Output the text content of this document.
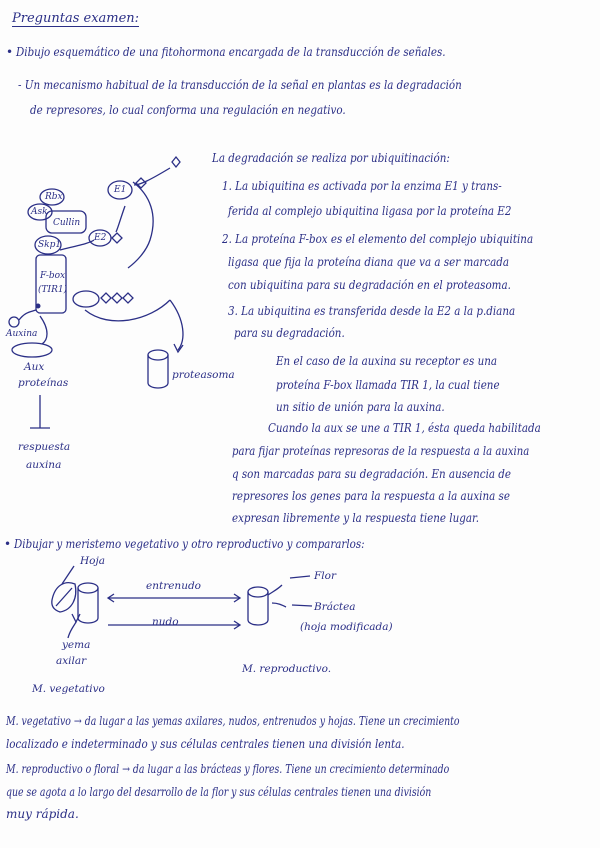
Preguntas examen:
• Dibujo esquemático de una fitohormona encargada de la transducción de señales.
- Un mecanismo habitual de la transducción de la señal en plantas es la degradación
de represores, lo cual conforma una regulación en negativo.
Rbx
Ask
Cullin
Skp1
F-box
(TIR1)
E1
E2
Auxina
Aux
proteínas
respuesta
auxina
proteasoma
La degradación se realiza por ubiquitinación:
1. La ubiquitina es activada por la enzima E1 y trans-
ferida al complejo ubiquitina ligasa por la proteína E2
2. La proteína F-box es el elemento del complejo ubiquitina
ligasa que fija la proteína diana que va a ser marcada
con ubiquitina para su degradación en el proteasoma.
3. La ubiquitina es transferida desde la E2 a la p.diana
para su degradación.
En el caso de la auxina su receptor es una
proteína F-box llamada TIR 1, la cual tiene
un sitio de unión para la auxina.
Cuando la aux se une a TIR 1, ésta queda habilitada
para fijar proteínas represoras de la respuesta a la auxina
q son marcadas para su degradación. En ausencia de
represores los genes para la respuesta a la auxina se
expresan libremente y la respuesta tiene lugar.
• Dibujar y meristemo vegetativo y otro reproductivo y compararlos:
Hoja
entrenudo
nudo
yema
axilar
Flor
Bráctea
(hoja modificada)
M. reproductivo.
M. vegetativo
M. vegetativo → da lugar a las yemas axilares, nudos, entrenudos y hojas. Tiene un crecimiento
localizado e indeterminado y sus células centrales tienen una división lenta.
M. reproductivo o floral → da lugar a las brácteas y flores. Tiene un crecimiento determinado
que se agota a lo largo del desarrollo de la flor y sus células centrales tienen una división
muy rápida.
